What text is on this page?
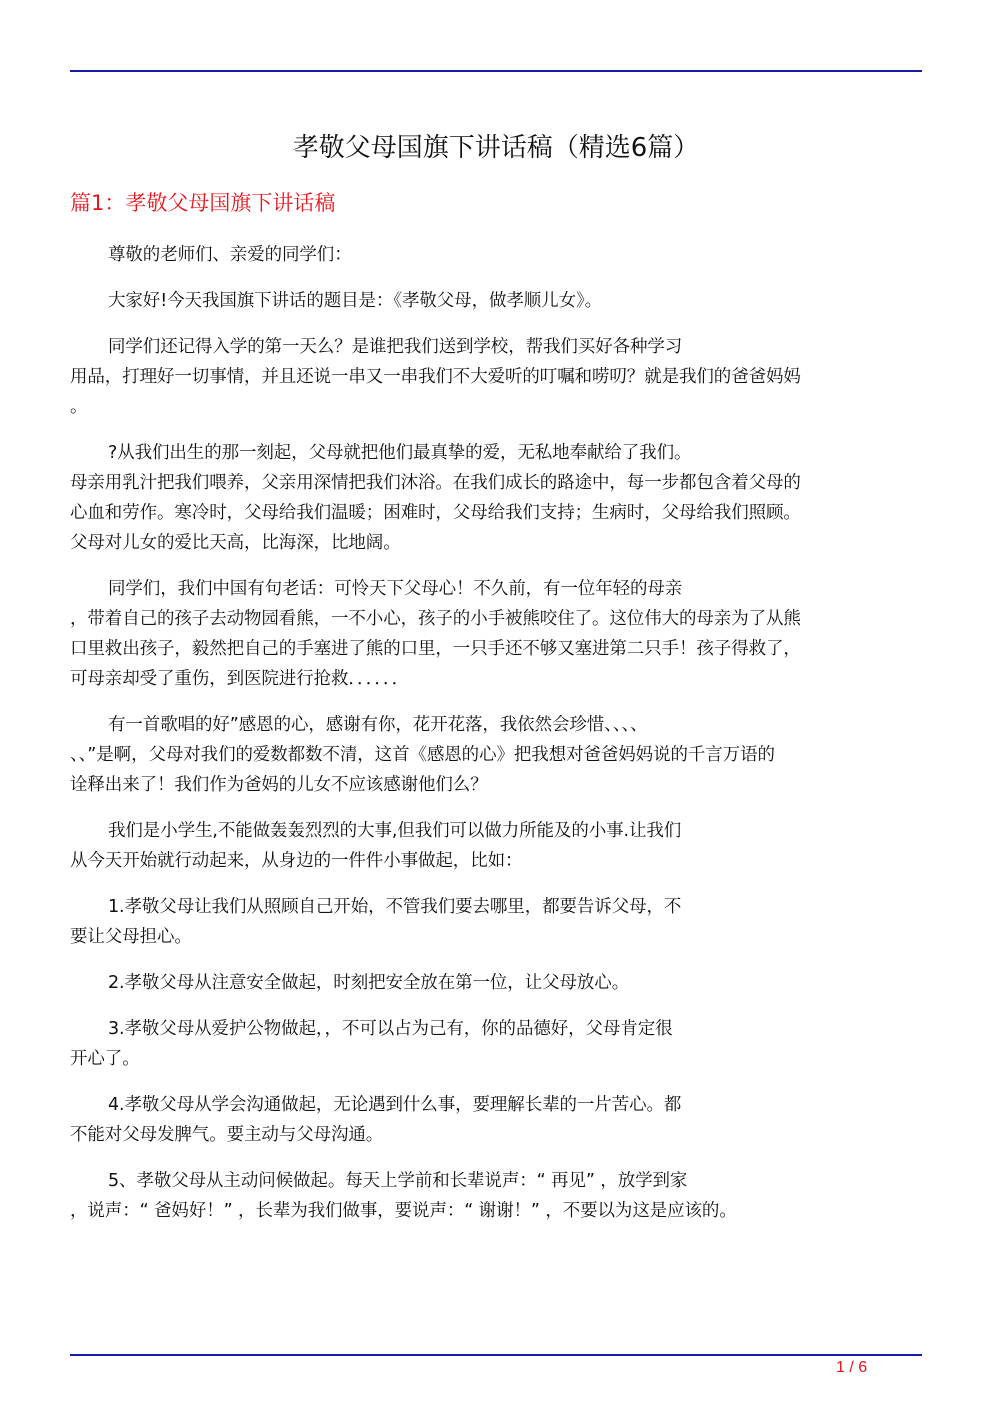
孝敬父母国旗下讲话稿（精选6篇）
篇1：孝敬父母国旗下讲话稿

尊敬的老师们、亲爱的同学们：

大家好!今天我国旗下讲话的题目是：《孝敬父母，做孝顺儿女》。

同学们还记得入学的第一天么？是谁把我们送到学校，帮我们买好各种学习
用品，打理好一切事情，并且还说一串又一串我们不大爱听的叮嘱和唠叨？就是我们的爸爸妈妈
。

?从我们出生的那一刻起，父母就把他们最真挚的爱，无私地奉献给了我们。
母亲用乳汁把我们喂养，父亲用深情把我们沐浴。在我们成长的路途中，每一步都包含着父母的
心血和劳作。寒冷时，父母给我们温暖；困难时，父母给我们支持；生病时，父母给我们照顾。
父母对儿女的爱比天高，比海深，比地阔。

同学们，我们中国有句老话：可怜天下父母心！不久前，有一位年轻的母亲
，带着自己的孩子去动物园看熊，一不小心，孩子的小手被熊咬住了。这位伟大的母亲为了从熊
口里救出孩子，毅然把自己的手塞进了熊的口里，一只手还不够又塞进第二只手！孩子得救了，
可母亲却受了重伤，到医院进行抢救．．．．．．

有一首歌唱的好”感恩的心，感谢有你，花开花落，我依然会珍惜、、、、
、、”是啊，父母对我们的爱数都数不清，这首《感恩的心》把我想对爸爸妈妈说的千言万语的
诠释出来了！我们作为爸妈的儿女不应该感谢他们么？

我们是小学生,不能做轰轰烈烈的大事,但我们可以做力所能及的小事.让我们
从今天开始就行动起来，从身边的一件件小事做起，比如：

1.孝敬父母让我们从照顾自己开始，不管我们要去哪里，都要告诉父母，不
要让父母担心。

2.孝敬父母从注意安全做起，时刻把安全放在第一位，让父母放心。

3.孝敬父母从爱护公物做起，，不可以占为己有，你的品德好，父母肯定很
开心了。

4.孝敬父母从学会沟通做起，无论遇到什么事，要理解长辈的一片苦心。都
不能对父母发脾气。要主动与父母沟通。

5、孝敬父母从主动问候做起。每天上学前和长辈说声：“ 再见” ，放学到家
，说声：“ 爸妈好！” ，长辈为我们做事，要说声：“ 谢谢！” ，不要以为这是应该的。

1 / 6
